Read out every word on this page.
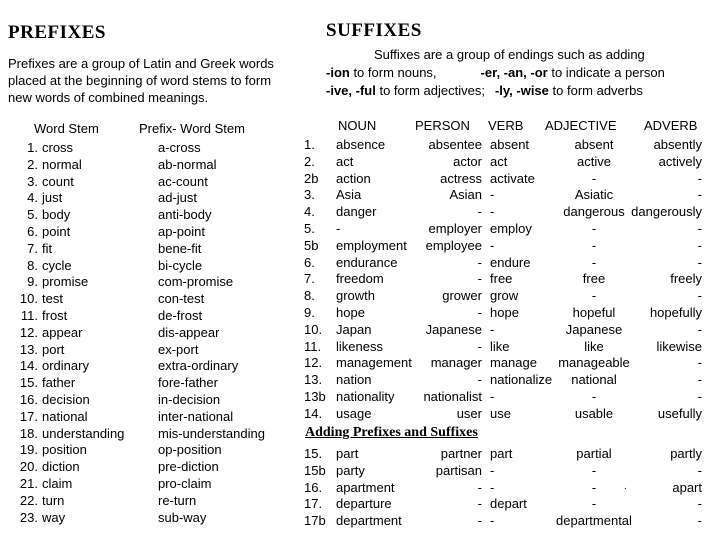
PREFIXES	SUFFIXES
Prefixes are a group of Latin and Greek words
placed at the beginning of word stems to form
new words of combined meanings.
Suffixes are a group of endings such as adding
-ion to form nouns,	-er, -an, -or to indicate a person
-ive, -ful to form adjectives; -ly, -wise to form adverbs
Word Stem	Prefix- Word Stem
1. cross	a-cross
2. normal	ab-normal
3. count	ac-count
4. just	ad-just
5. body	anti-body
6. point	ap-point
7. fit	bene-fit
8. cycle	bi-cycle
9. promise	com-promise
10. test	con-test
11. frost	de-frost
12. appear	dis-appear
13. port	ex-port
14. ordinary	extra-ordinary
15. father	fore-father
16. decision	in-decision
17. national	inter-national
18. understanding	mis-understanding
19. position	op-position
20. diction	pre-diction
21. claim	pro-claim
22. turn	re-turn
23. way	sub-way
NOUN	PERSON VERB ADJECTIVE ADVERB
1. absence	absentee absent	absent	absently
2. act	actor act	active	actively
2b action	actress activate	-	-
3. Asia	Asian -	Asiatic	-
4. danger	- -	dangerous dangerously
5. -	employer employ	-	-
5b employment	employee -	-	-
6. endurance	- endure	-	-
7. freedom	- free	free	freely
8. growth	grower grow	-	-
9. hope	- hope	hopeful	hopefully
10. Japan	Japanese -	Japanese	-
11. likeness	- like	like	likewise
12. management	manager manage	manageable	-
13. nation	- nationalize	national	-
13b nationality	nationalist -	-	-
14. usage	user use	usable	usefully
Adding Prefixes and Suffixes
15. part	partner part	partial	partly
15b party	partisan -	-	-
16. apartment	- -	-	apart
17. departure	- depart	-	-
17b department	- -	departmental	-
.
